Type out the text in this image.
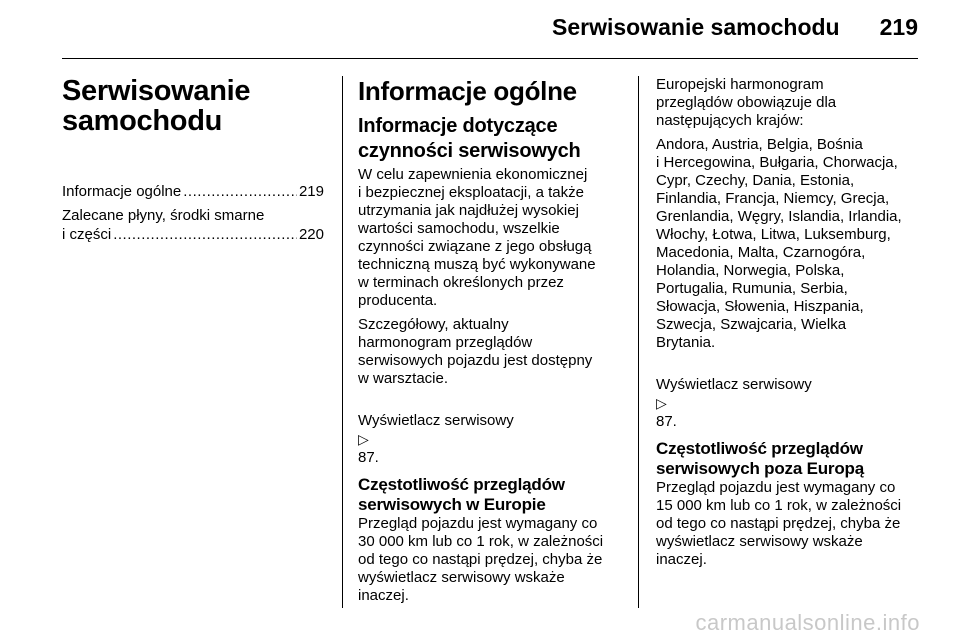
Serwisowanie samochodu 219
Serwisowanie
samochodu
Informacje ogólne .....	219
Zalecane płyny, środki smarne
i części .....	220
Informacje ogólne
Informacje dotyczące
czynności serwisowych

W celu zapewnienia ekonomicznej
i bezpiecznej eksploatacji, a także
utrzymania jak najdłużej wysokiej
wartości samochodu, wszelkie
czynności związane z jego obsługą
techniczną muszą być wykonywane
w terminach określonych przez
producenta.

Szczegółowy, aktualny
harmonogram przeglądów
serwisowych pojazdu jest dostępny
w warsztacie.

Wyświetlacz serwisowy
▷
87.

Częstotliwość przeglądów
serwisowych w Europie

Przegląd pojazdu jest wymagany co
30 000 km lub co 1 rok, w zależności
od tego co nastąpi prędzej, chyba że
wyświetlacz serwisowy wskaże
inaczej.

Europejski harmonogram
przeglądów obowiązuje dla
następujących krajów:

Andora, Austria, Belgia, Bośnia
i Hercegowina, Bułgaria, Chorwacja,
Cypr, Czechy, Dania, Estonia,
Finlandia, Francja, Niemcy, Grecja,
Grenlandia, Węgry, Islandia, Irlandia,
Włochy, Łotwa, Litwa, Luksemburg,
Macedonia, Malta, Czarnogóra,
Holandia, Norwegia, Polska,
Portugalia, Rumunia, Serbia,
Słowacja, Słowenia, Hiszpania,
Szwecja, Szwajcaria, Wielka
Brytania.

Wyświetlacz serwisowy
▷
87.

Częstotliwość przeglądów
serwisowych poza Europą

Przegląd pojazdu jest wymagany co
15 000 km lub co 1 rok, w zależności
od tego co nastąpi prędzej, chyba że
wyświetlacz serwisowy wskaże
inaczej.

carmanualsonline.info
